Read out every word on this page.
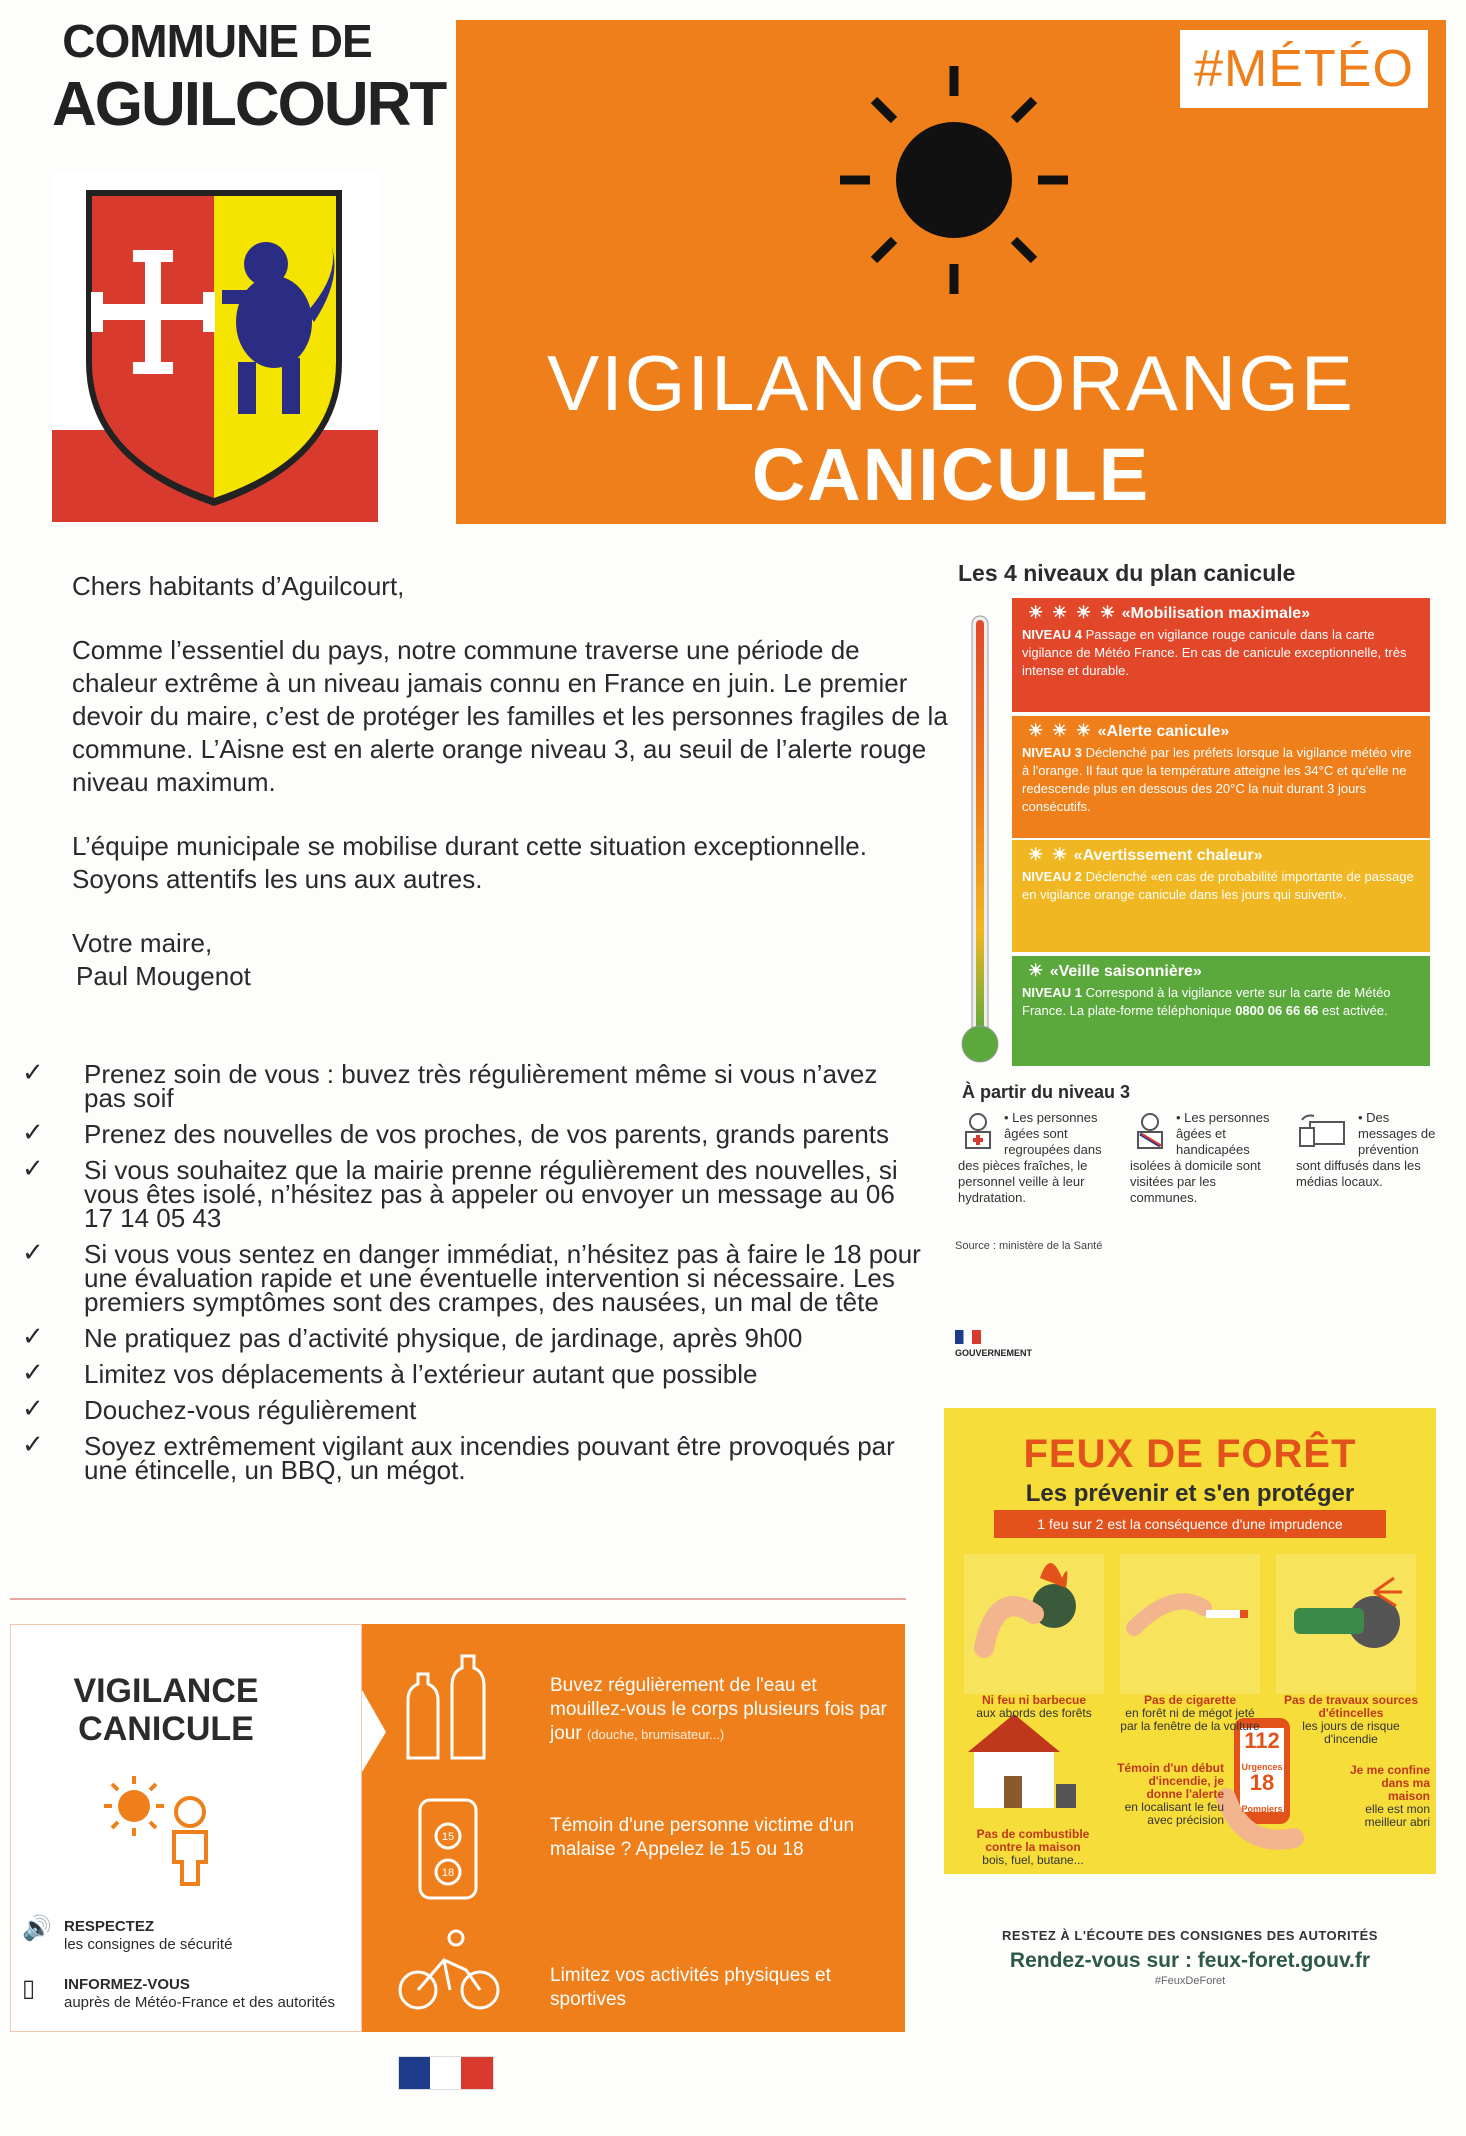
COMMUNE DE
AGUILCOURT
#MÉTÉO
VIGILANCE ORANGE
CANICULE

Chers habitants d’Aguilcourt,

Comme l’essentiel du pays, notre commune traverse une période de chaleur extrême à un niveau jamais connu en France en juin. Le premier devoir du maire, c’est de protéger les familles et les personnes fragiles de la commune. L’Aisne est en alerte orange niveau 3, au seuil de l’alerte rouge niveau maximum.

L’équipe municipale se mobilise durant cette situation exceptionnelle. Soyons attentifs les uns aux autres.

Votre maire,

Paul Mougenot

✓ Prenez soin de vous : buvez très régulièrement même si vous n’avez pas soif
✓ Prenez des nouvelles de vos proches, de vos parents, grands parents
✓ Si vous souhaitez que la mairie prenne régulièrement des nouvelles, si vous êtes isolé, n’hésitez pas à appeler ou envoyer un message au 06 17 14 05 43
✓ Si vous vous sentez en danger immédiat, n’hésitez pas à faire le 18 pour une évaluation rapide et une éventuelle intervention si nécessaire. Les premiers symptômes sont des crampes, des nausées, un mal de tête
✓ Ne pratiquez pas d’activité physique, de jardinage, après 9h00
✓ Limitez vos déplacements à l’extérieur autant que possible
✓ Douchez-vous régulièrement
✓ Soyez extrêmement vigilant aux incendies pouvant être provoqués par une étincelle, un BBQ, un mégot.
Les 4 niveaux du plan canicule
☀ ☀ ☀ ☀ «Mobilisation maximale»
NIVEAU 4 Passage en vigilance rouge canicule dans la carte vigilance de Météo France. En cas de canicule exceptionnelle, très intense et durable.
☀ ☀ ☀ «Alerte canicule»
NIVEAU 3 Déclenché par les préfets lorsque la vigilance météo vire à l'orange. Il faut que la température atteigne les 34°C et qu'elle ne redescende plus en dessous des 20°C la nuit durant 3 jours consécutifs.
☀ ☀ «Avertissement chaleur»
NIVEAU 2 Déclenché «en cas de probabilité importante de passage en vigilance orange canicule dans les jours qui suivent».
☀ «Veille saisonnière»
NIVEAU 1 Correspond à la vigilance verte sur la carte de Météo France. La plate-forme téléphonique 0800 06 66 66 est activée.
À partir du niveau 3
• Les personnes âgées sont regroupées dans des pièces fraîches, le personnel veille à leur hydratation.
• Les personnes âgées et handicapées isolées à domicile sont visitées par les communes.
• Des messages de prévention sont diffusés dans les médias locaux.
Source : ministère de la Santé
GOUVERNEMENT
FEUX DE FORÊT
Les prévenir et s'en protéger
1 feu sur 2 est la conséquence d'une imprudence
Ni feu ni barbecue
aux abords des forêts
Pas de cigarette
en forêt ni de mégot jeté par la fenêtre de la voiture
Pas de travaux sources d'étincelles
les jours de risque d'incendie
Pas de combustible contre la maison
bois, fuel, butane...
Témoin d'un début d'incendie, je donne l'alerte
en localisant le feu avec précision
Je me confine dans ma maison
elle est mon meilleur abri
112
Urgences
18
Pompiers
RESTEZ À L'ÉCOUTE DES CONSIGNES DES AUTORITÉS
Rendez-vous sur : feux-foret.gouv.fr
#FeuxDeForet
VIGILANCE
CANICULE
🔊 RESPECTEZ
les consignes de sécurité
▯ INFORMEZ-VOUS
auprès de Météo-France et des autorités
15
18
Buvez régulièrement de l'eau et mouillez-vous le corps plusieurs fois par jour (douche, brumisateur...)
Témoin d'une personne victime d'un malaise ? Appelez le 15 ou 18
Limitez vos activités physiques et sportives
